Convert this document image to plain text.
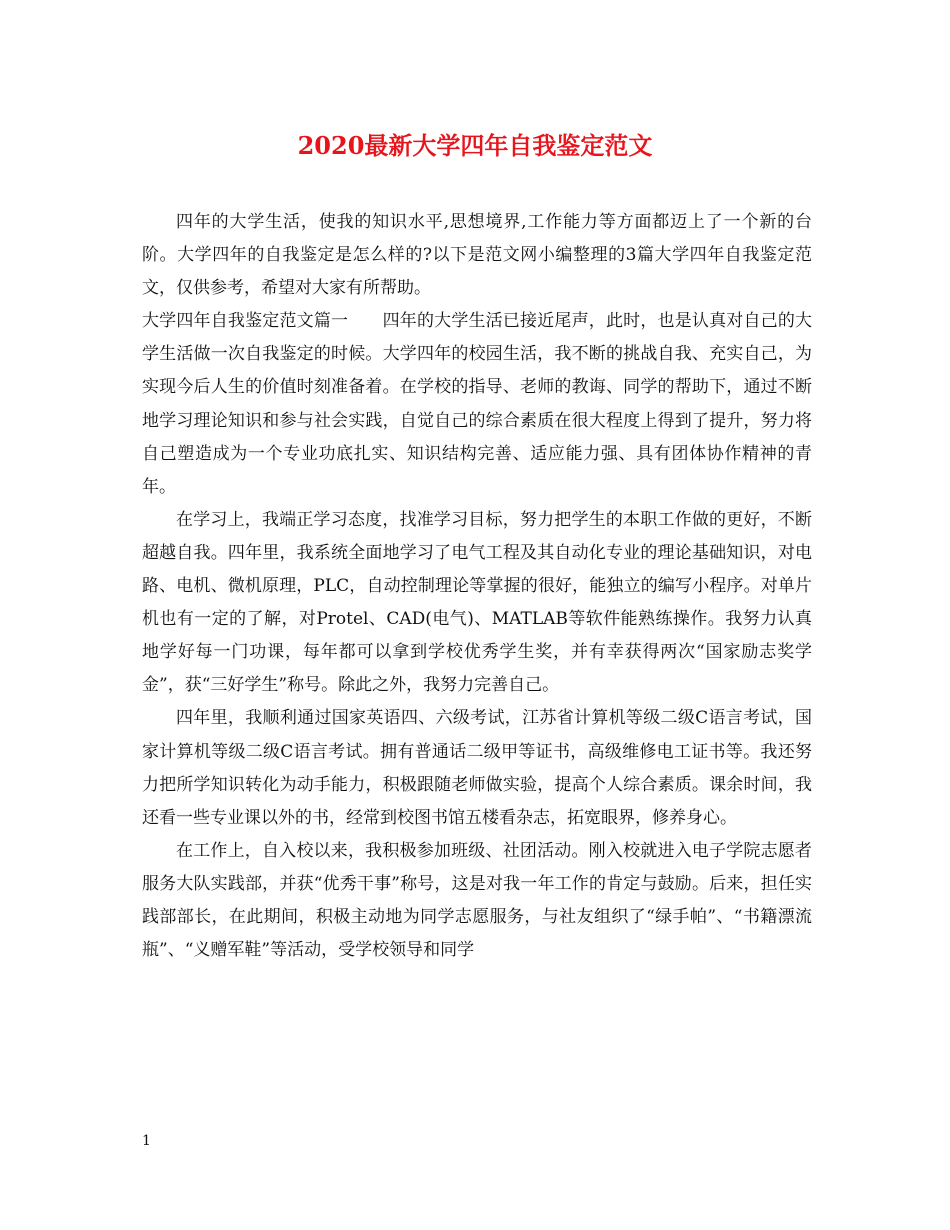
2020最新大学四年自我鉴定范文

四年的大学生活，使我的知识水平,思想境界,工作能力等方面都迈上了一个新的台阶。大学四年的自我鉴定是怎么样的?以下是范文网小编整理的3篇大学四年自我鉴定范文，仅供参考，希望对大家有所帮助。

大学四年自我鉴定范文篇一　　四年的大学生活已接近尾声，此时，也是认真对自己的大学生活做一次自我鉴定的时候。大学四年的校园生活，我不断的挑战自我、充实自己，为实现今后人生的价值时刻准备着。在学校的指导、老师的教诲、同学的帮助下，通过不断地学习理论知识和参与社会实践，自觉自己的综合素质在很大程度上得到了提升，努力将自己塑造成为一个专业功底扎实、知识结构完善、适应能力强、具有团体协作精神的青年。

在学习上，我端正学习态度，找准学习目标，努力把学生的本职工作做的更好，不断超越自我。四年里，我系统全面地学习了电气工程及其自动化专业的理论基础知识，对电路、电机、微机原理，PLC，自动控制理论等掌握的很好，能独立的编写小程序。对单片机也有一定的了解，对Protel、CAD(电气)、MATLAB等软件能熟练操作。我努力认真地学好每一门功课，每年都可以拿到学校优秀学生奖，并有幸获得两次“国家励志奖学金”，获“三好学生”称号。除此之外，我努力完善自己。

四年里，我顺利通过国家英语四、六级考试，江苏省计算机等级二级C语言考试，国家计算机等级二级C语言考试。拥有普通话二级甲等证书，高级维修电工证书等。我还努力把所学知识转化为动手能力，积极跟随老师做实验，提高个人综合素质。课余时间，我还看一些专业课以外的书，经常到校图书馆五楼看杂志，拓宽眼界，修养身心。

在工作上，自入校以来，我积极参加班级、社团活动。刚入校就进入电子学院志愿者服务大队实践部，并获“优秀干事”称号，这是对我一年工作的肯定与鼓励。后来，担任实践部部长，在此期间，积极主动地为同学志愿服务，与社友组织了“绿手帕”、“书籍漂流瓶”、“义赠军鞋”等活动，受学校领导和同学

1
